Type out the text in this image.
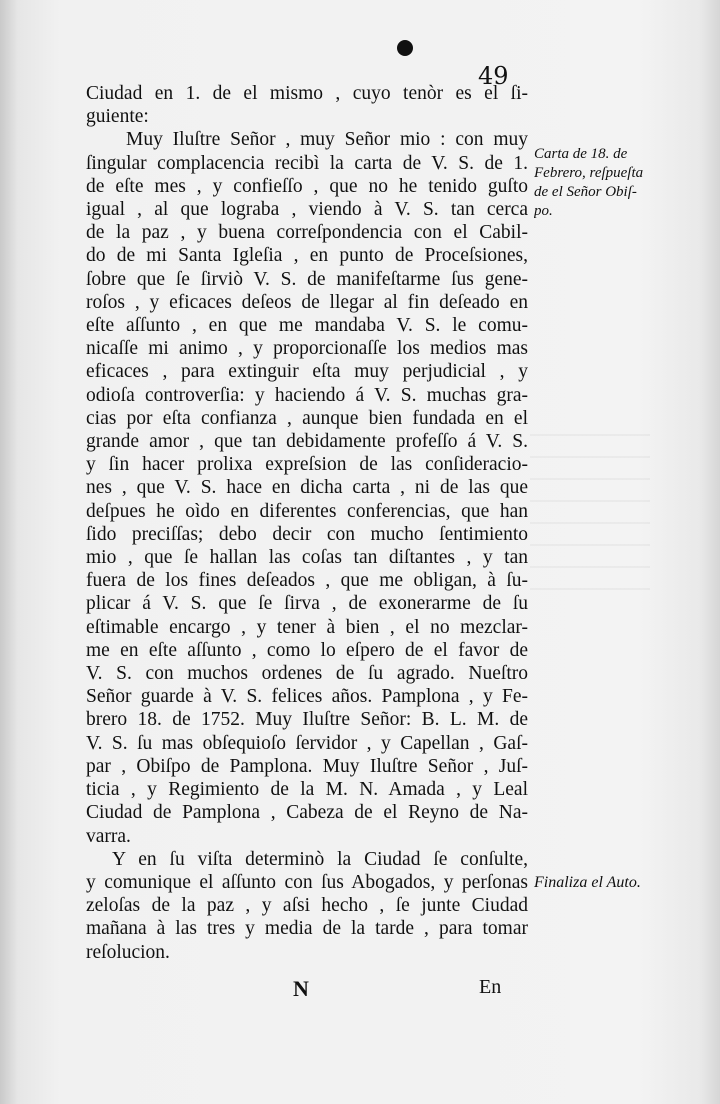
49
Ciudad en 1. de el mismo , cuyo tenòr es el ſi-
guiente:
Muy Iluſtre Señor , muy Señor mio : con muy
ſingular complacencia recibì la carta de V. S. de 1.
de eſte mes , y confieſſo , que no he tenido guſto
igual , al que lograba , viendo à V. S. tan cerca
de la paz , y buena correſpondencia con el Cabil-
do de mi Santa Igleſia , en punto de Proceſsiones,
ſobre que ſe ſirviò V. S. de manifeſtarme ſus gene-
roſos , y eficaces deſeos de llegar al fin deſeado en
eſte aſſunto , en que me mandaba V. S. le comu-
nicaſſe mi animo , y proporcionaſſe los medios mas
eficaces , para extinguir eſta muy perjudicial , y
odioſa controverſia: y haciendo á V. S. muchas gra-
cias por eſta confianza , aunque bien fundada en el
grande amor , que tan debidamente profeſſo á V. S.
y ſin hacer prolixa expreſsion de las conſideracio-
nes , que V. S. hace en dicha carta , ni de las que
deſpues he oìdo en diferentes conferencias, que han
ſido preciſſas; debo decir con mucho ſentimiento
mio , que ſe hallan las coſas tan diſtantes , y tan
fuera de los fines deſeados , que me obligan, à ſu-
plicar á V. S. que ſe ſirva , de exonerarme de ſu
eſtimable encargo , y tener à bien , el no mezclar-
me en eſte aſſunto , como lo eſpero de el favor de
V. S. con muchos ordenes de ſu agrado. Nueſtro
Señor guarde à V. S. felices años. Pamplona , y Fe-
brero 18. de 1752. Muy Iluſtre Señor: B. L. M. de
V. S. ſu mas obſequioſo ſervidor , y Capellan , Gaſ-
par , Obiſpo de Pamplona. Muy Iluſtre Señor , Juſ-
ticia , y Regimiento de la M. N. Amada , y Leal
Ciudad de Pamplona , Cabeza de el Reyno de Na-
varra.
Y en ſu viſta determinò la Ciudad ſe conſulte,
y comunique el aſſunto con ſus Abogados, y perſonas
zeloſas de la paz , y aſsi hecho , ſe junte Ciudad
mañana à las tres y media de la tarde , para tomar
reſolucion.
Carta de 18. de
Febrero, reſpueſta
de el Señor Obiſ-
po.
Finaliza el Auto.
N	En
